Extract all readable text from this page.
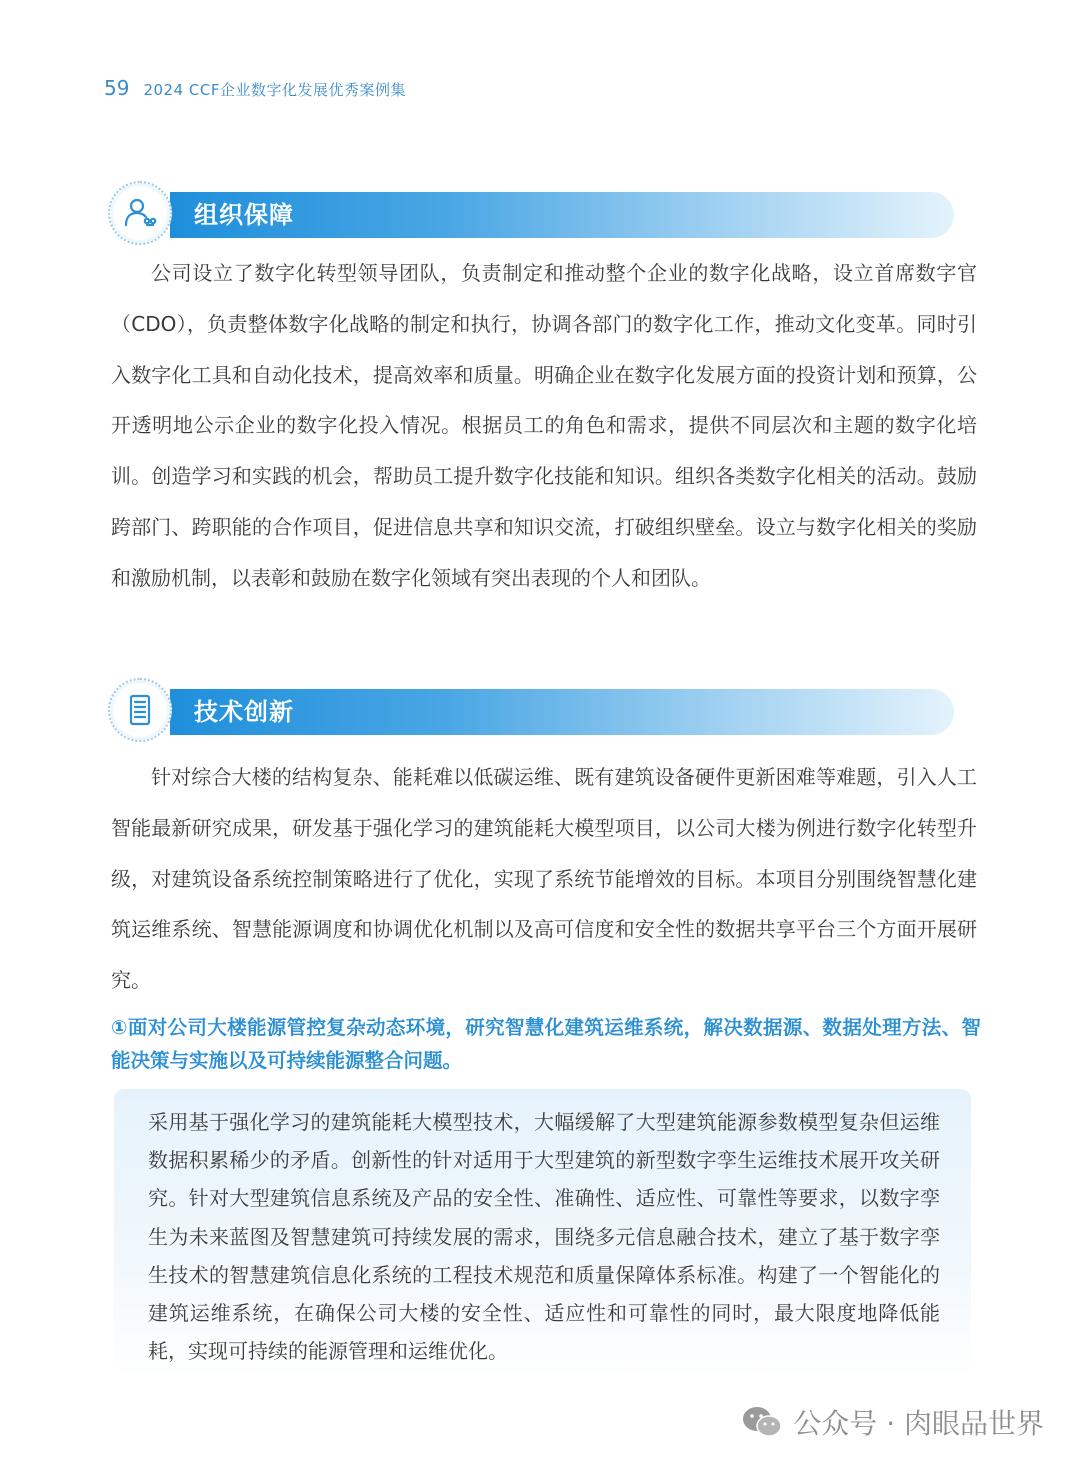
59 2024 CCF企业数字化发展优秀案例集
组织保障

公司设立了数字化转型领导团队，负责制定和推动整个企业的数字化战略，设立首席数字官（CDO），负责整体数字化战略的制定和执行，协调各部门的数字化工作，推动文化变革。同时引入数字化工具和自动化技术，提高效率和质量。明确企业在数字化发展方面的投资计划和预算，公开透明地公示企业的数字化投入情况。根据员工的角色和需求，提供不同层次和主题的数字化培训。创造学习和实践的机会，帮助员工提升数字化技能和知识。组织各类数字化相关的活动。鼓励跨部门、跨职能的合作项目，促进信息共享和知识交流，打破组织壁垒。设立与数字化相关的奖励和激励机制，以表彰和鼓励在数字化领域有突出表现的个人和团队。

技术创新

针对综合大楼的结构复杂、能耗难以低碳运维、既有建筑设备硬件更新困难等难题，引入人工智能最新研究成果，研发基于强化学习的建筑能耗大模型项目，以公司大楼为例进行数字化转型升级，对建筑设备系统控制策略进行了优化，实现了系统节能增效的目标。本项目分别围绕智慧化建筑运维系统、智慧能源调度和协调优化机制以及高可信度和安全性的数据共享平台三个方面开展研究。

①面对公司大楼能源管控复杂动态环境，研究智慧化建筑运维系统，解决数据源、数据处理方法、智能决策与实施以及可持续能源整合问题。

采用基于强化学习的建筑能耗大模型技术，大幅缓解了大型建筑能源参数模型复杂但运维数据积累稀少的矛盾。创新性的针对适用于大型建筑的新型数字孪生运维技术展开攻关研究。针对大型建筑信息系统及产品的安全性、准确性、适应性、可靠性等要求，以数字孪生为未来蓝图及智慧建筑可持续发展的需求，围绕多元信息融合技术，建立了基于数字孪生技术的智慧建筑信息化系统的工程技术规范和质量保障体系标准。构建了一个智能化的建筑运维系统，在确保公司大楼的安全性、适应性和可靠性的同时，最大限度地降低能耗，实现可持续的能源管理和运维优化。

公众号 · 肉眼品世界
